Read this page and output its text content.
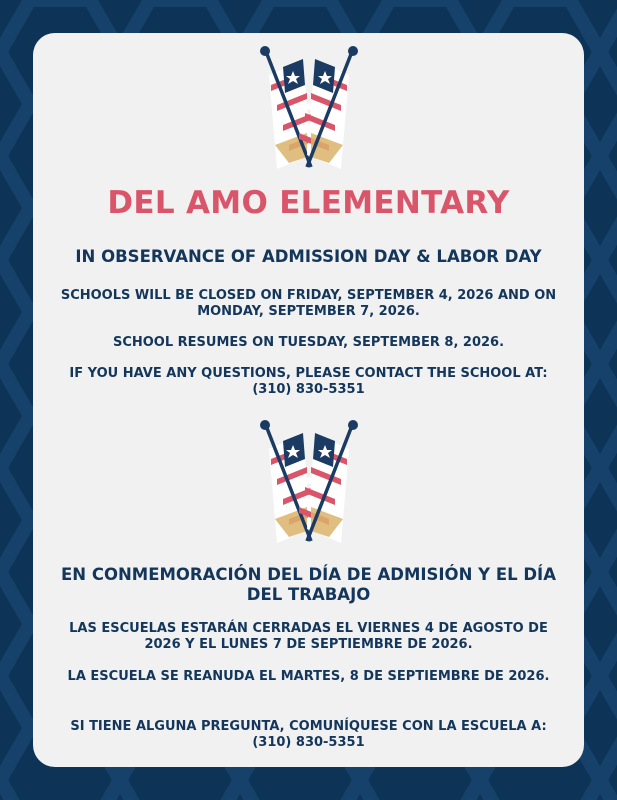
DEL AMO ELEMENTARY
IN OBSERVANCE OF ADMISSION DAY & LABOR DAY
SCHOOLS WILL BE CLOSED ON FRIDAY, SEPTEMBER 4, 2026 AND ON MONDAY, SEPTEMBER 7, 2026.
SCHOOL RESUMES ON TUESDAY, SEPTEMBER 8, 2026.
IF YOU HAVE ANY QUESTIONS, PLEASE CONTACT THE SCHOOL AT:
(310) 830-5351
EN CONMEMORACIÓN DEL DÍA DE ADMISIÓN Y EL DÍA DEL TRABAJO
LAS ESCUELAS ESTARÁN CERRADAS EL VIERNES 4 DE AGOSTO DE 2026 Y EL LUNES 7 DE SEPTIEMBRE DE 2026.
LA ESCUELA SE REANUDA EL MARTES, 8 DE SEPTIEMBRE DE 2026.
SI TIENE ALGUNA PREGUNTA, COMUNÍQUESE CON LA ESCUELA A:
(310) 830-5351
